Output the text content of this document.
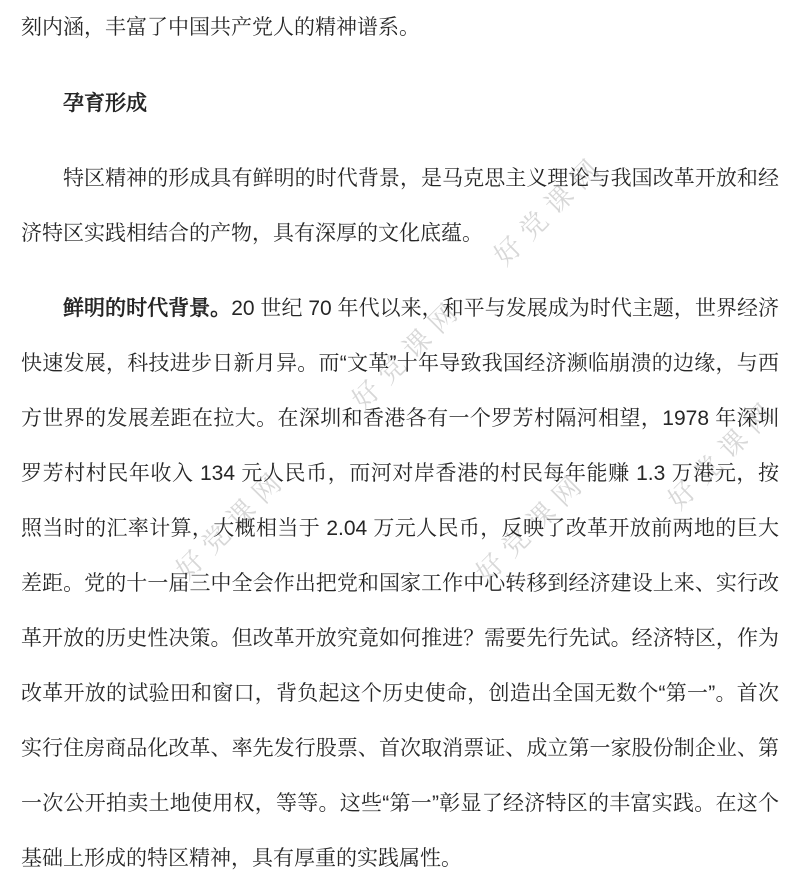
好党课网
好党课网
好党课网
好党课网
好党课网

刻内涵，丰富了中国共产党人的精神谱系。

孕育形成

特区精神的形成具有鲜明的时代背景，是马克思主义理论与我国改革开放和经济特区实践相结合的产物，具有深厚的文化底蕴。

鲜明的时代背景。20 世纪 70 年代以来，和平与发展成为时代主题，世界经济快速发展，科技进步日新月异。而“文革”十年导致我国经济濒临崩溃的边缘，与西方世界的发展差距在拉大。在深圳和香港各有一个罗芳村隔河相望，1978 年深圳罗芳村村民年收入 134 元人民币，而河对岸香港的村民每年能赚 1.3 万港元，按照当时的汇率计算，大概相当于 2.04 万元人民币，反映了改革开放前两地的巨大差距。党的十一届三中全会作出把党和国家工作中心转移到经济建设上来、实行改革开放的历史性决策。但改革开放究竟如何推进？需要先行先试。经济特区，作为改革开放的试验田和窗口，背负起这个历史使命，创造出全国无数个“第一”。首次实行住房商品化改革、率先发行股票、首次取消票证、成立第一家股份制企业、第一次公开拍卖土地使用权，等等。这些“第一”彰显了经济特区的丰富实践。在这个基础上形成的特区精神，具有厚重的实践属性。
